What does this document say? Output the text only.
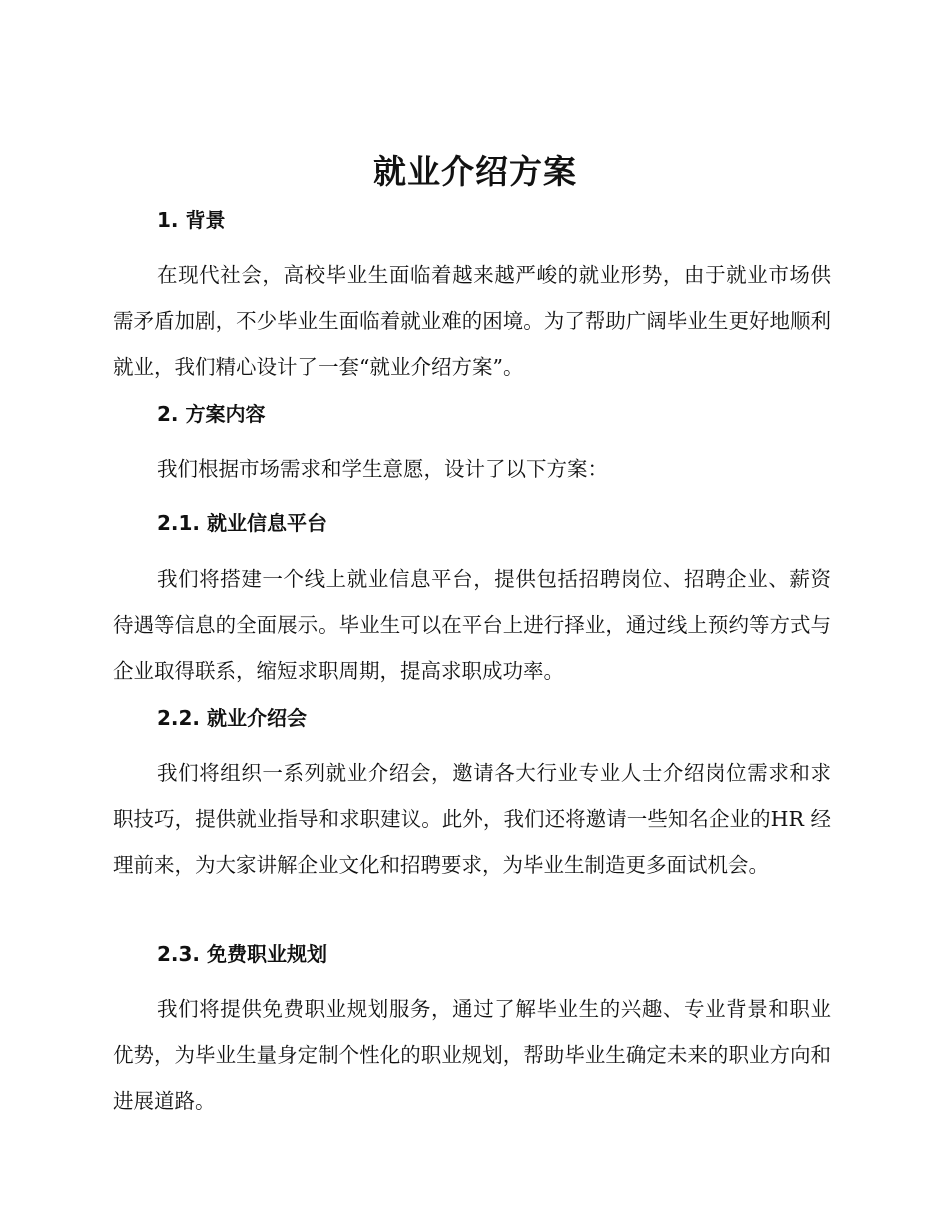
就业介绍方案
1. 背景

在现代社会，高校毕业生面临着越来越严峻的就业形势，由于就业市场供需矛盾加剧，不少毕业生面临着就业难的困境。为了帮助广阔毕业生更好地顺利就业，我们精心设计了一套“就业介绍方案”。

2. 方案内容

我们根据市场需求和学生意愿，设计了以下方案：

2.1. 就业信息平台

我们将搭建一个线上就业信息平台，提供包括招聘岗位、招聘企业、薪资待遇等信息的全面展示。毕业生可以在平台上进行择业，通过线上预约等方式与企业取得联系，缩短求职周期，提高求职成功率。

2.2. 就业介绍会

我们将组织一系列就业介绍会，邀请各大行业专业人士介绍岗位需求和求职技巧，提供就业指导和求职建议。此外，我们还将邀请一些知名企业的HR 经理前来，为大家讲解企业文化和招聘要求，为毕业生制造更多面试机会。

2.3. 免费职业规划

我们将提供免费职业规划服务，通过了解毕业生的兴趣、专业背景和职业优势，为毕业生量身定制个性化的职业规划，帮助毕业生确定未来的职业方向和进展道路。
